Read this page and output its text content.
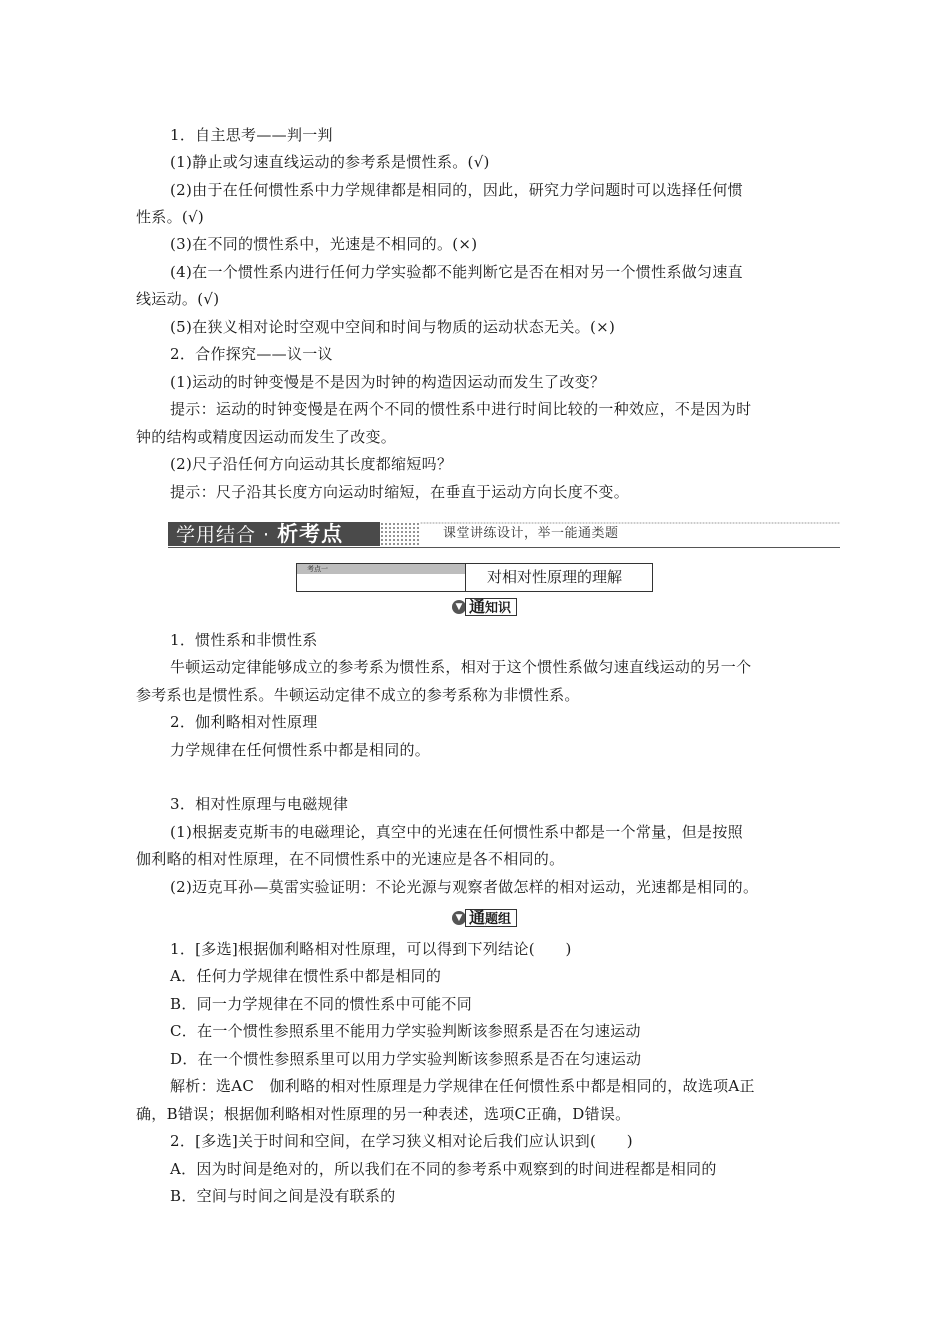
1．自主思考——判一判
(1)静止或匀速直线运动的参考系是惯性系。(√)
(2)由于在任何惯性系中力学规律都是相同的，因此，研究力学问题时可以选择任何惯
性系。(√)
(3)在不同的惯性系中，光速是不相同的。(×)
(4)在一个惯性系内进行任何力学实验都不能判断它是否在相对另一个惯性系做匀速直
线运动。(√)
(5)在狭义相对论时空观中空间和时间与物质的运动状态无关。(×)
2．合作探究——议一议
(1)运动的时钟变慢是不是因为时钟的构造因运动而发生了改变？
提示：运动的时钟变慢是在两个不同的惯性系中进行时间比较的一种效应，不是因为时
钟的结构或精度因运动而发生了改变。
(2)尺子沿任何方向运动其长度都缩短吗？
提示：尺子沿其长度方向运动时缩短，在垂直于运动方向长度不变。
学用结合 · 析考点	课堂讲练设计，举一能通类题
考点一	对相对性原理的理解
▼ 通知识
1．惯性系和非惯性系
牛顿运动定律能够成立的参考系为惯性系，相对于这个惯性系做匀速直线运动的另一个
参考系也是惯性系。牛顿运动定律不成立的参考系称为非惯性系。
2．伽利略相对性原理
力学规律在任何惯性系中都是相同的。
3．相对性原理与电磁规律
(1)根据麦克斯韦的电磁理论，真空中的光速在任何惯性系中都是一个常量，但是按照
伽利略的相对性原理，在不同惯性系中的光速应是各不相同的。
(2)迈克耳孙—莫雷实验证明：不论光源与观察者做怎样的相对运动，光速都是相同的。
▼ 通题组
1．[多选]根据伽利略相对性原理，可以得到下列结论(　　)
A．任何力学规律在惯性系中都是相同的
B．同一力学规律在不同的惯性系中可能不同
C．在一个惯性参照系里不能用力学实验判断该参照系是否在匀速运动
D．在一个惯性参照系里可以用力学实验判断该参照系是否在匀速运动
解析：选AC　伽利略的相对性原理是力学规律在任何惯性系中都是相同的，故选项A正
确，B错误；根据伽利略相对性原理的另一种表述，选项C正确，D错误。
2．[多选]关于时间和空间，在学习狭义相对论后我们应认识到(　　)
A．因为时间是绝对的，所以我们在不同的参考系中观察到的时间进程都是相同的
B．空间与时间之间是没有联系的
